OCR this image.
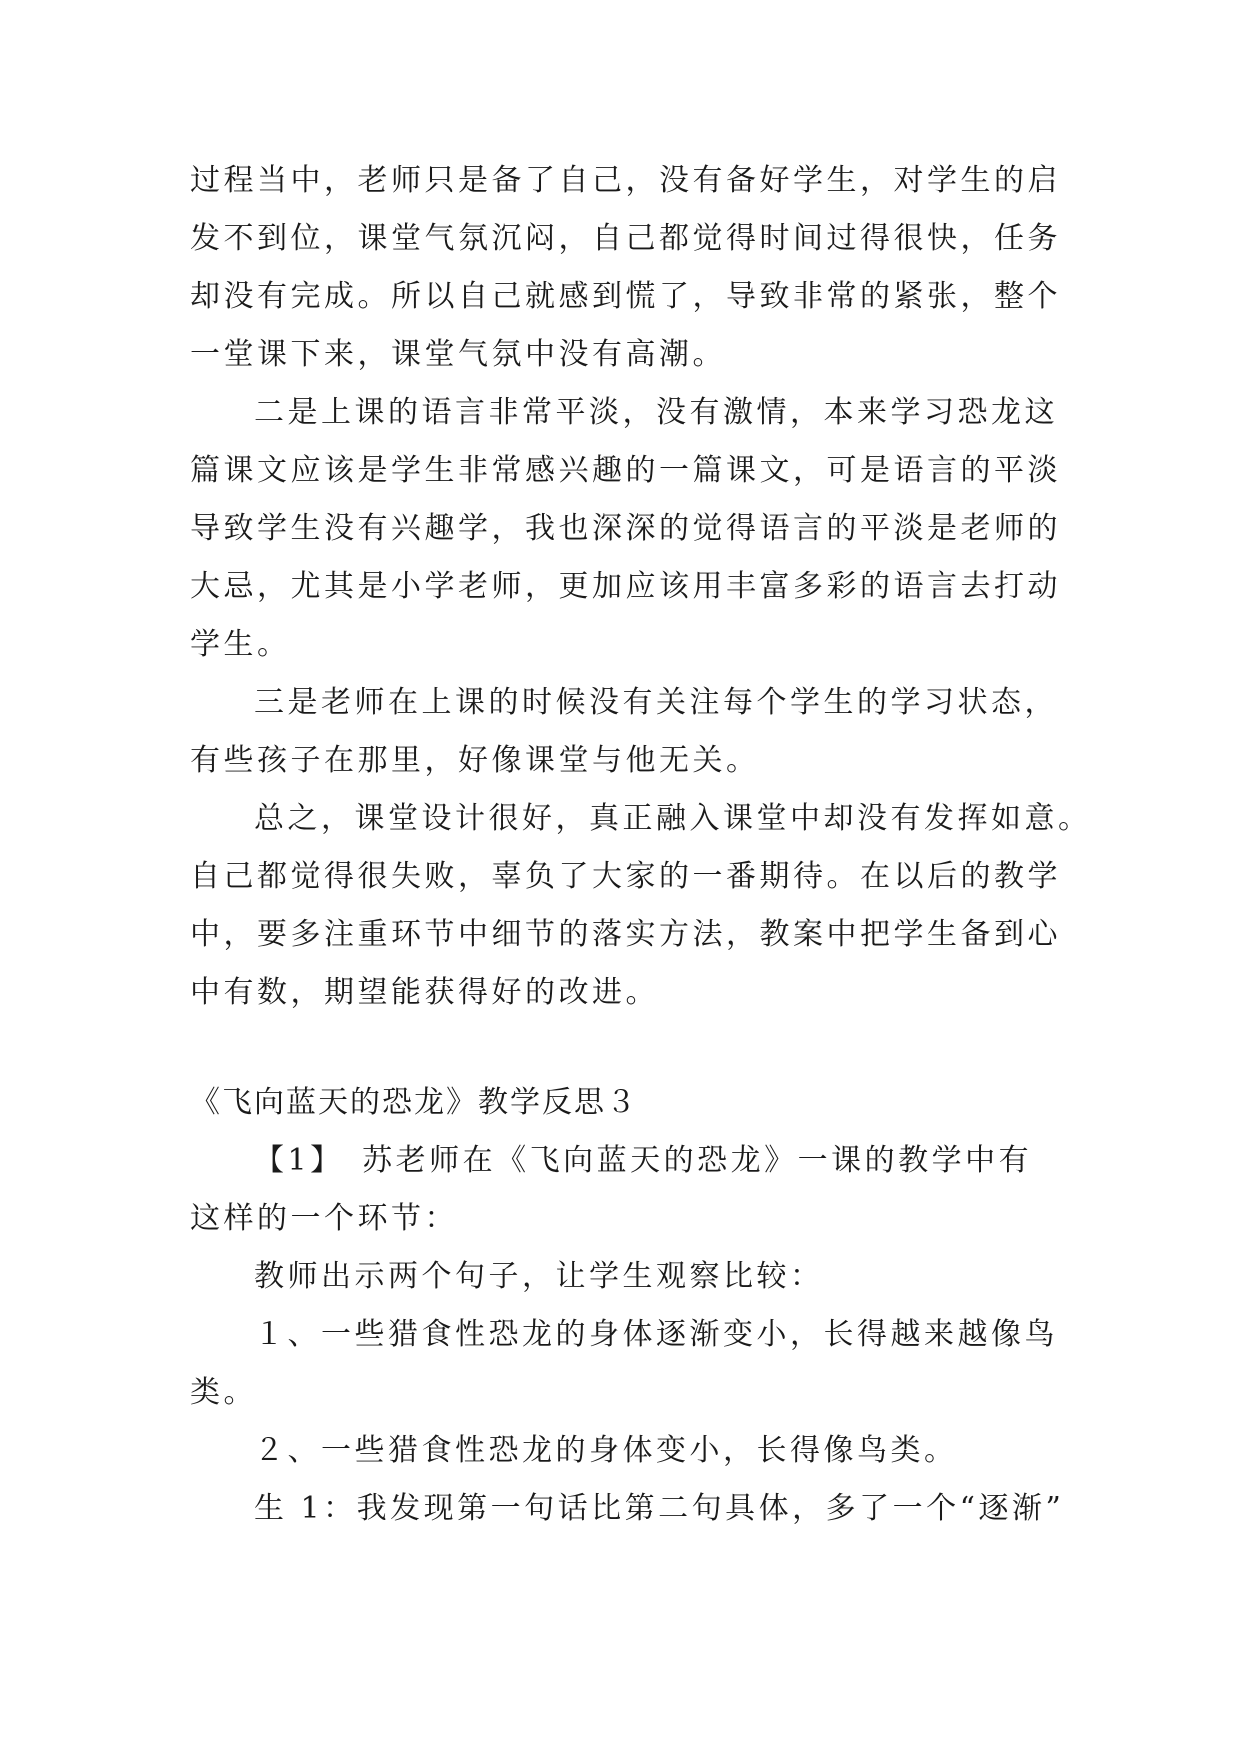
过程当中，老师只是备了自己，没有备好学生，对学生的启
发不到位，课堂气氛沉闷，自己都觉得时间过得很快，任务
却没有完成。所以自己就感到慌了，导致非常的紧张，整个
一堂课下来，课堂气氛中没有高潮。
二是上课的语言非常平淡，没有激情，本来学习恐龙这
篇课文应该是学生非常感兴趣的一篇课文，可是语言的平淡
导致学生没有兴趣学，我也深深的觉得语言的平淡是老师的
大忌，尤其是小学老师，更加应该用丰富多彩的语言去打动
学生。
三是老师在上课的时候没有关注每个学生的学习状态，
有些孩子在那里，好像课堂与他无关。
总之，课堂设计很好，真正融入课堂中却没有发挥如意。
自己都觉得很失败，辜负了大家的一番期待。在以后的教学
中，要多注重环节中细节的落实方法，教案中把学生备到心
中有数，期望能获得好的改进。
《飞向蓝天的恐龙》教学反思３
【1】　苏老师在《飞向蓝天的恐龙》一课的教学中有
这样的一个环节：
教师出示两个句子，让学生观察比较：
１、一些猎食性恐龙的身体逐渐变小，长得越来越像鸟
类。
２、一些猎食性恐龙的身体变小，长得像鸟类。
生 1：我发现第一句话比第二句具体，多了一个“逐渐”
